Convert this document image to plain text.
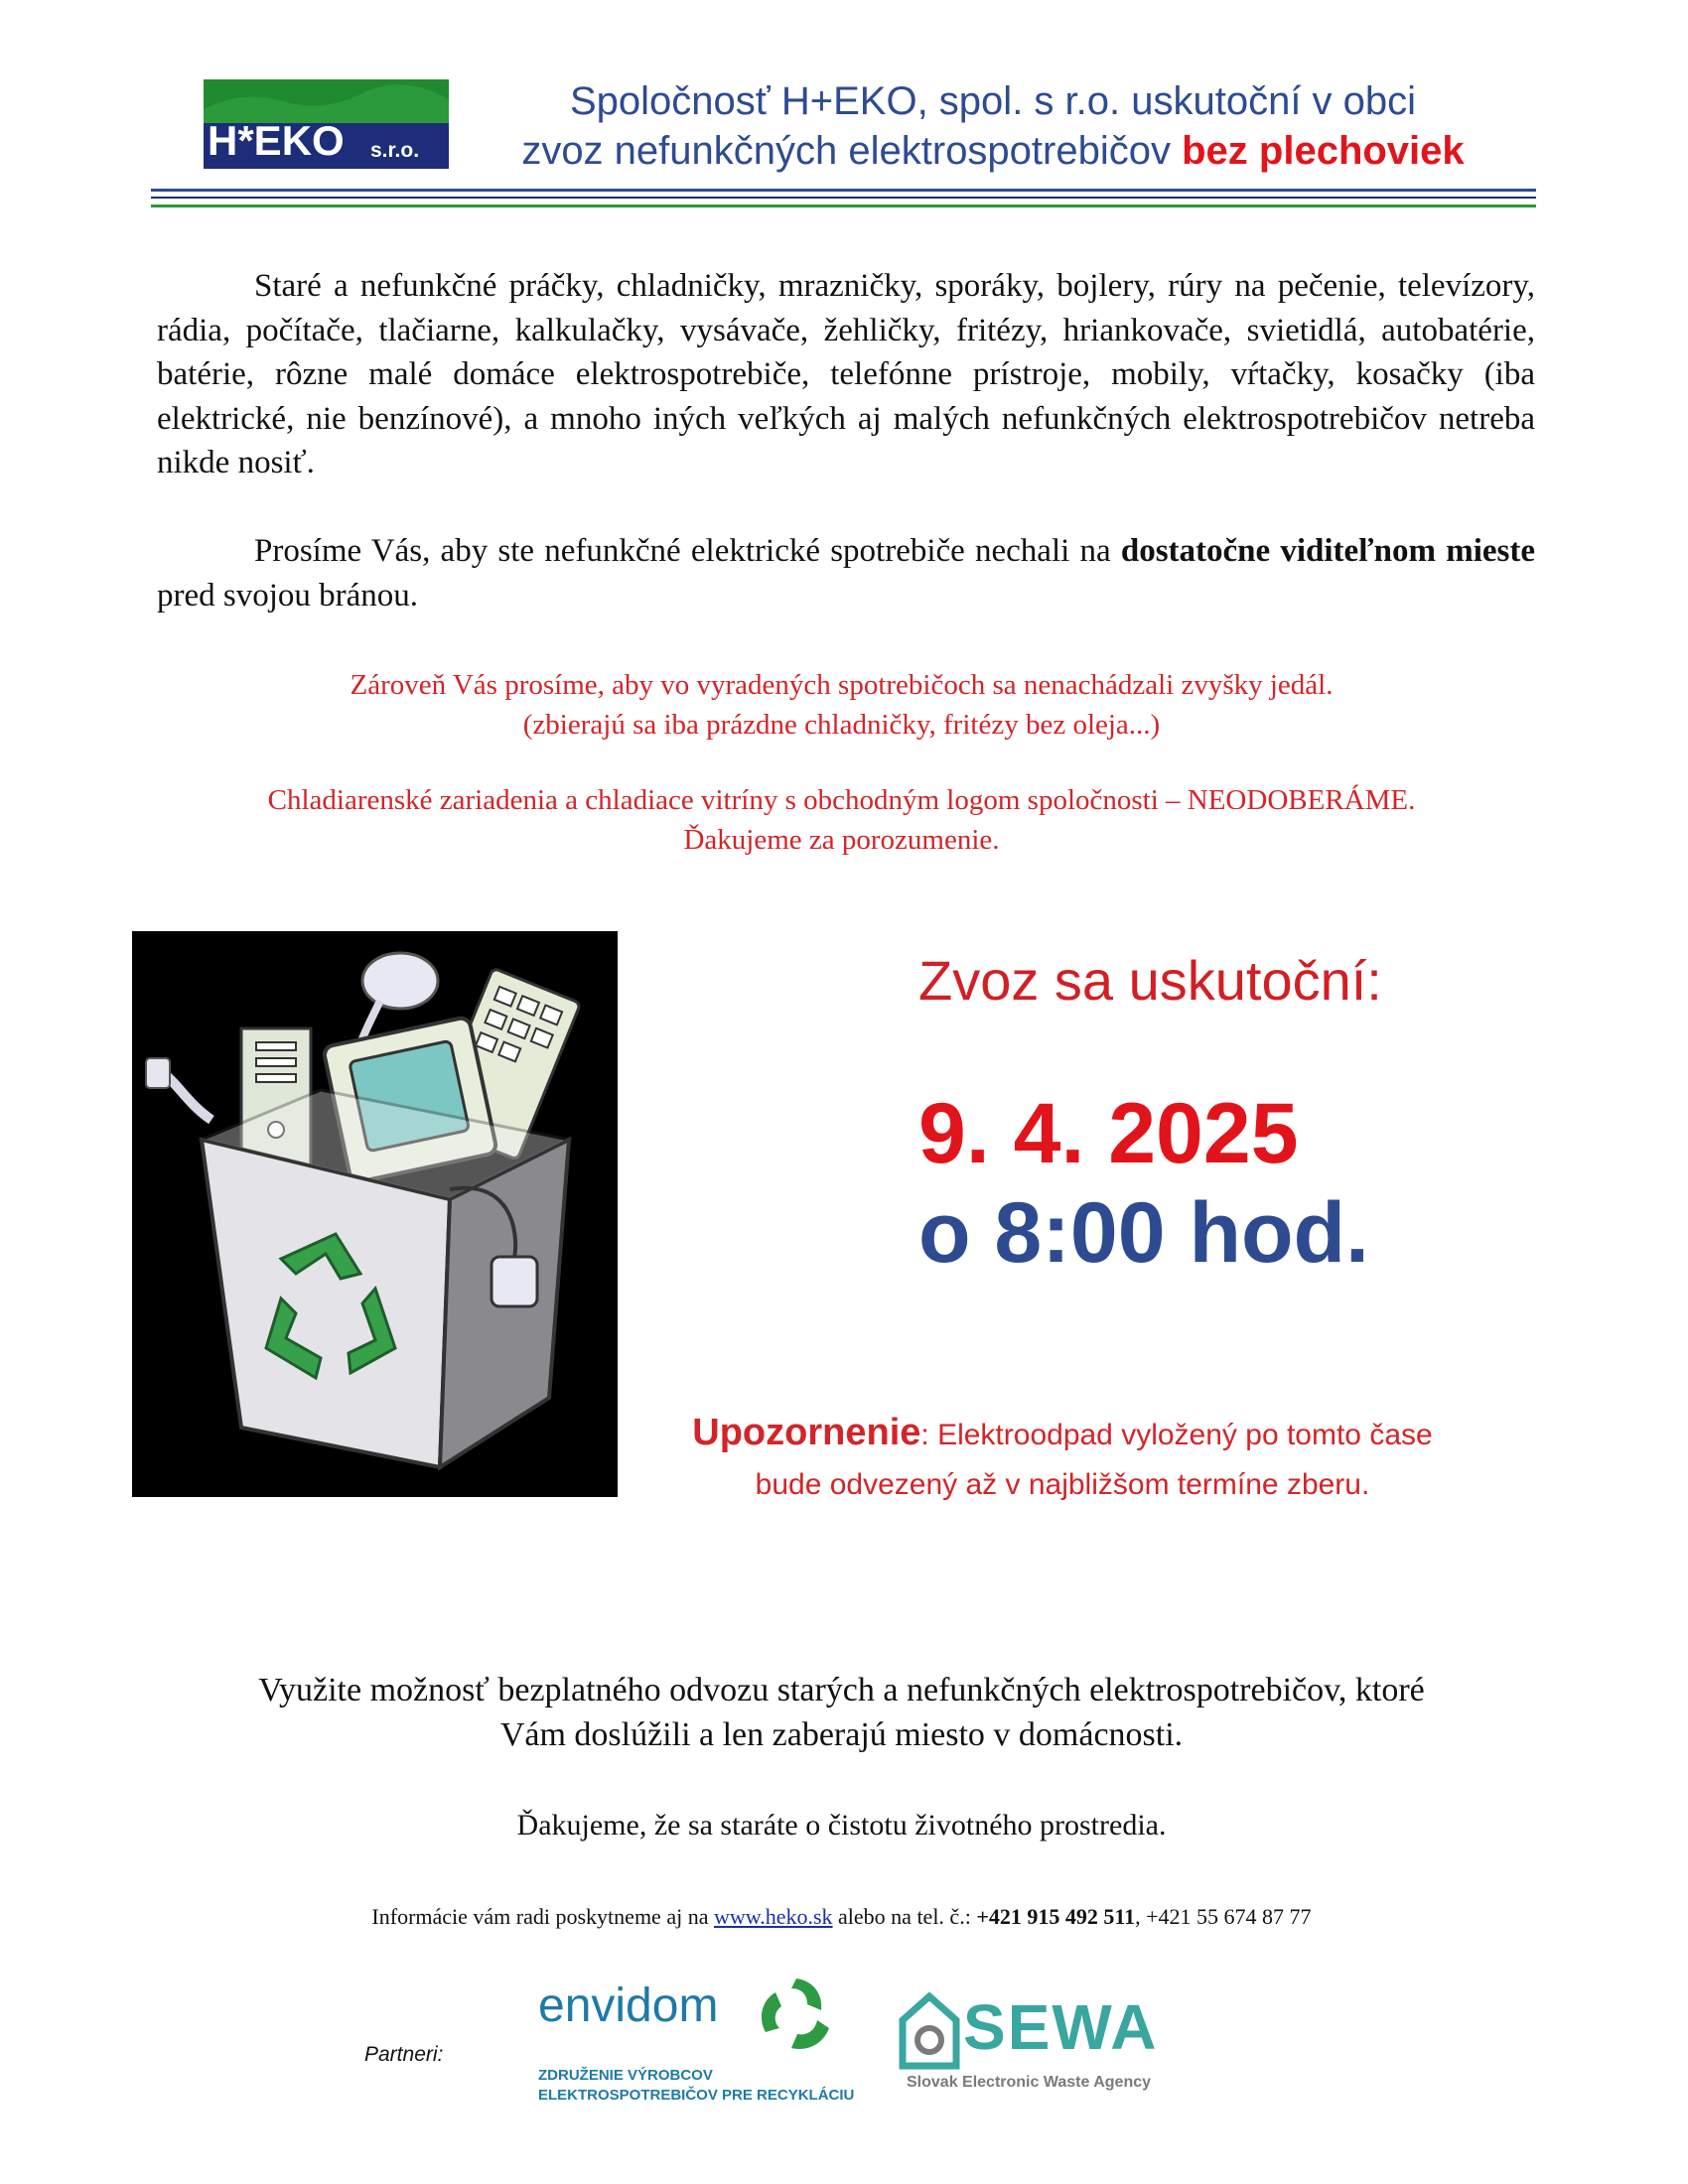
H*EKO s.r.o.
Spoločnosť H+EKO, spol. s r.o. uskutoční v obci
zvoz nefunkčných elektrospotrebičov bez plechoviek
Staré a nefunkčné práčky, chladničky, mrazničky, sporáky, bojlery, rúry na pečenie, televízory, rádia, počítače, tlačiarne, kalkulačky, vysávače, žehličky, fritézy, hriankovače, svietidlá, autobatérie, batérie, rôzne malé domáce elektrospotrebiče, telefónne prístroje, mobily, vŕtačky, kosačky (iba elektrické, nie benzínové), a mnoho iných veľkých aj malých nefunkčných elektrospotrebičov netreba nikde nosiť.
Prosíme Vás, aby ste nefunkčné elektrické spotrebiče nechali na dostatočne viditeľnom mieste pred svojou bránou.
Zároveň Vás prosíme, aby vo vyradených spotrebičoch sa nenachádzali zvyšky jedál.
(zbierajú sa iba prázdne chladničky, fritézy bez oleja...)
Chladiarenské zariadenia a chladiace vitríny s obchodným logom spoločnosti – NEODOBERÁME.
Ďakujeme za porozumenie.
Zvoz sa uskutoční:
9. 4. 2025
o 8:00 hod.
Upozornenie: Elektroodpad vyložený po tomto čase
bude odvezený až v najbližšom termíne zberu.
Využite možnosť bezplatného odvozu starých a nefunkčných elektrospotrebičov, ktoré
Vám doslúžili a len zaberajú miesto v domácnosti.
Ďakujeme, že sa staráte o čistotu životného prostredia.
Informácie vám radi poskytneme aj na www.heko.sk alebo na tel. č.: +421 915 492 511, +421 55 674 87 77
Partneri:
envidom
ZDRUŽENIE VÝROBCOV
ELEKTROSPOTREBIČOV PRE RECYKLÁCIU
SEWA
Slovak Electronic Waste Agency
